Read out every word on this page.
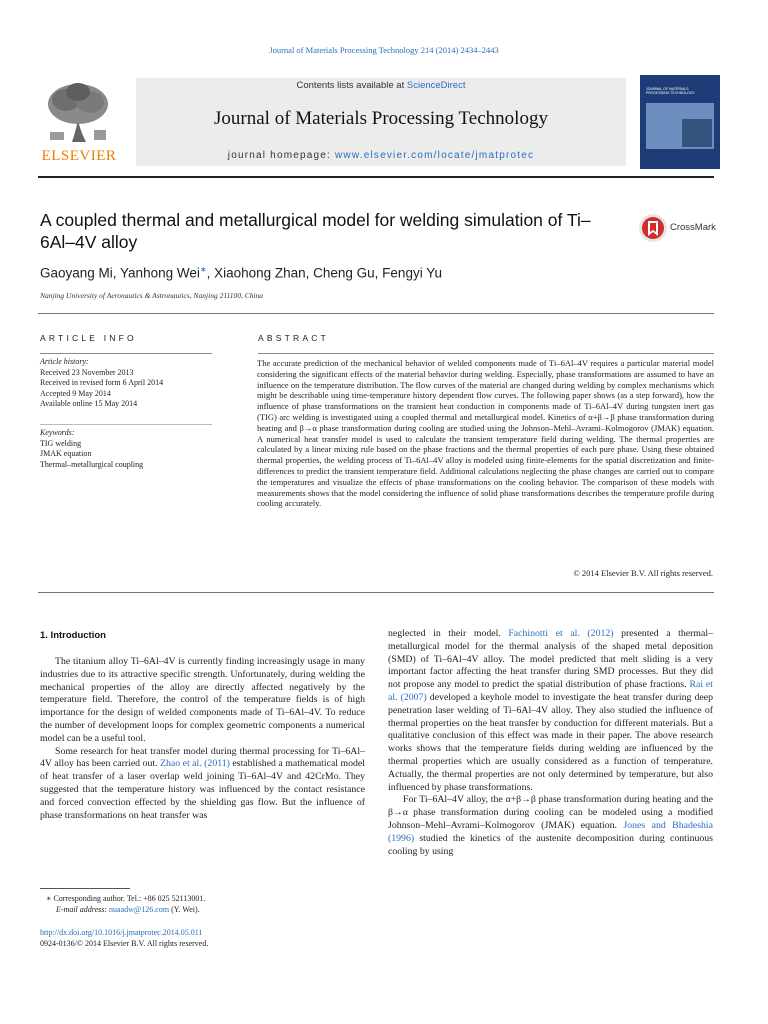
Journal of Materials Processing Technology 214 (2014) 2434–2443
ELSEVIER
Contents lists available at ScienceDirect
Journal of Materials Processing Technology
journal homepage: www.elsevier.com/locate/jmatprotec
JOURNAL OF MATERIALS PROCESSING TECHNOLOGY
A coupled thermal and metallurgical model for welding simulation of Ti–6Al–4V alloy
CrossMark
Gaoyang Mi, Yanhong Wei∗, Xiaohong Zhan, Cheng Gu, Fengyi Yu
Nanjing University of Aeronautics & Astronautics, Nanjing 211100, China
ARTICLE INFO	ABSTRACT
Article history:
Received 23 November 2013
Received in revised form 6 April 2014
Accepted 9 May 2014
Available online 15 May 2014
Keywords:
TIG welding
JMAK equation
Thermal–metallurgical coupling
The accurate prediction of the mechanical behavior of welded components made of Ti–6Al–4V requires a particular material model considering the significant effects of the material behavior during welding. Especially, phase transformations are assumed to have an influence on the temperature distribution. The flow curves of the material are changed during welding by complex mechanisms which might be describable using time-temperature history dependent flow curves. The following paper shows (as a step forward), how the influence of phase transformations on the transient heat conduction in components made of Ti–6Al–4V during tungsten inert gas (TIG) arc welding is investigated using a coupled thermal and metallurgical model. Kinetics of α+β→β phase transformation during heating and β→α phase transformation during cooling are studied using the Johnson–Mehl–Avrami–Kolmogorov (JMAK) equation. A numerical heat transfer model is used to calculate the transient temperature field during welding. The thermal properties are calculated by a linear mixing rule based on the phase fractions and the thermal properties of each pure phase. Using these obtained thermal properties, the welding process of Ti–6Al–4V alloy is modeled using finite-elements for the spatial discretization and finite-differences to predict the transient temperature field. Additional calculations neglecting the phase changes are carried out to compare the temperatures and visualize the effects of phase transformations on the cooling behavior. The comparison of these models with measurements shows that the model considering the influence of solid phase transformations describes the temperature profile during cooling accurately.
© 2014 Elsevier B.V. All rights reserved.
1. Introduction

The titanium alloy Ti–6Al–4V is currently finding increasingly usage in many industries due to its attractive specific strength. Unfortunately, during welding the mechanical properties of the alloy are directly affected negatively by the temperature field. Therefore, the control of the temperature fields is of high importance for the design of welded components made of Ti–6Al–4V. To reduce the number of development loops for complex geometric components a numerical model can be a useful tool.

Some research for heat transfer model during thermal processing for Ti–6Al–4V alloy has been carried out. Zhao et al. (2011) established a mathematical model of heat transfer of a laser overlap weld joining Ti–6Al–4V and 42CrMo. They suggested that the temperature history was influenced by the contact resistance and forced convection effected by the shielding gas flow. But the influence of phase transformations on heat transfer was

neglected in their model. Fachinotti et al. (2012) presented a thermal–metallurgical model for the thermal analysis of the shaped metal deposition (SMD) of Ti–6Al–4V alloy. The model predicted that melt sliding is a very important factor affecting the heat transfer during SMD processes. But they did not propose any model to predict the spatial distribution of phase fractions. Rai et al. (2007) developed a keyhole model to investigate the heat transfer during deep penetration laser welding of Ti–6Al–4V alloy. They also studied the influence of thermal properties on the heat transfer by conduction for different materials. But a qualitative conclusion of this effect was made in their paper. The above research works shows that the temperature fields during welding are influenced by the thermal properties which are usually considered as a function of temperature. Actually, the thermal properties are not only determined by temperature, but also influenced by phase transformations.

For Ti–6Al–4V alloy, the α+β→β phase transformation during heating and the β→α phase transformation during cooling can be modeled using a modified Johnson–Mehl–Avrami–Kolmogorov (JMAK) equation. Jones and Bhadeshia (1996) studied the kinetics of the austenite decomposition during continuous cooling by using

∗ Corresponding author. Tel.: +86 025 52113001.
E-mail address: nuaadw@126.com (Y. Wei).
http://dx.doi.org/10.1016/j.jmatprotec.2014.05.011
0924-0136/© 2014 Elsevier B.V. All rights reserved.
